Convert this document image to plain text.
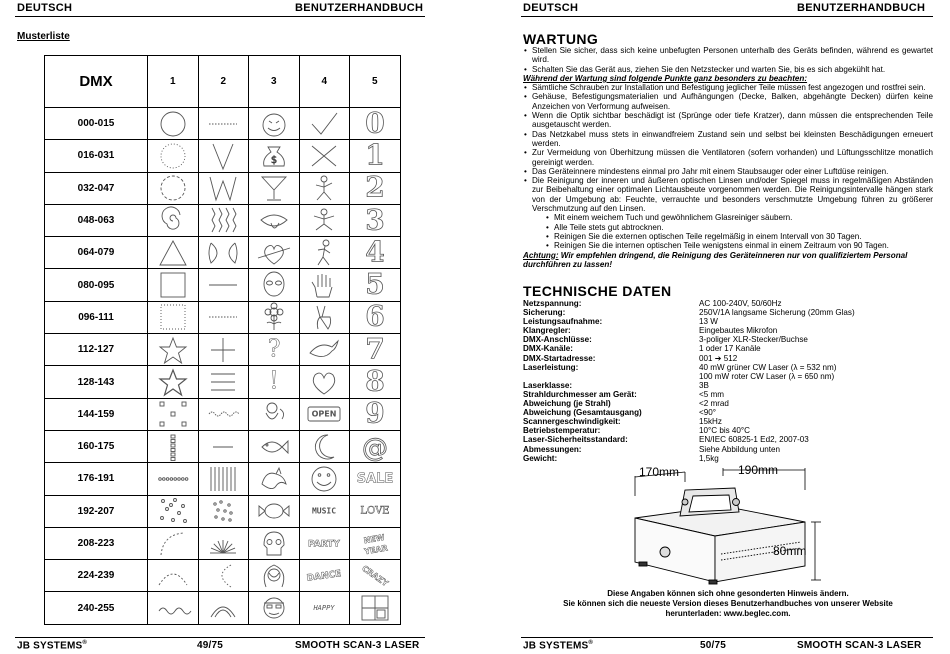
DEUTSCH	BENUTZERHANDBUCH
Musterliste
DMX	1	2	3	4	5
000-015					0

016-031			$		1

032-047					2

048-063					3

064-079					4

080-095					5

096-111					6

112-127			?		7

128-143			!		8

144-159				OPEN	9

160-175					@

176-191					SALE

192-207				MUSIC	LOVE

208-223				PARTY	NEW
YEAR

224-239				DANCE	CRAZY

240-255				HAPPY

JB SYSTEMS®	49/75	SMOOTH SCAN-3 LASER
DEUTSCH	BENUTZERHANDBUCH
WARTUNG
• Stellen Sie sicher, dass sich keine unbefugten Personen unterhalb des Geräts befinden, während es gewartet wird.
• Schalten Sie das Gerät aus, ziehen Sie den Netzstecker und warten Sie, bis es sich abgekühlt hat.
Während der Wartung sind folgende Punkte ganz besonders zu beachten:
• Sämtliche Schrauben zur Installation und Befestigung jeglicher Teile müssen fest angezogen und rostfrei sein.
• Gehäuse, Befestigungsmaterialien und Aufhängungen (Decke, Balken, abgehängte Decken) dürfen keine Anzeichen von Verformung aufweisen.
• Wenn die Optik sichtbar beschädigt ist (Sprünge oder tiefe Kratzer), dann müssen die entsprechenden Teile ausgetauscht werden.
• Das Netzkabel muss stets in einwandfreiem Zustand sein und selbst bei kleinsten Beschädigungen erneuert werden.
• Zur Vermeidung von Überhitzung müssen die Ventilatoren (sofern vorhanden) und Lüftungsschlitze monatlich gereinigt werden.
• Das Geräteinnere mindestens einmal pro Jahr mit einem Staubsauger oder einer Luftdüse reinigen.
• Die Reinigung der inneren und äußeren optischen Linsen und/oder Spiegel muss in regelmäßigen Abständen zur Beibehaltung einer optimalen Lichtausbeute vorgenommen werden. Die Reinigungsintervalle hängen stark von der Umgebung ab: Feuchte, verrauchte und besonders verschmutzte Umgebung führen zu größerer Verschmutzung auf den Linsen.
• Mit einem weichem Tuch und gewöhnlichem Glasreiniger säubern.
• Alle Teile stets gut abtrocknen.
• Reinigen Sie die externen optischen Teile regelmäßig in einem Intervall von 30 Tagen.
• Reinigen Sie die internen optischen Teile wenigstens einmal in einem Zeitraum von 90 Tagen.
Achtung: Wir empfehlen dringend, die Reinigung des Geräteinneren nur von qualifiziertem Personal durchführen zu lassen!
TECHNISCHE DATEN
Netzspannung:	AC 100-240V, 50/60Hz
Sicherung:	250V/1A langsame Sicherung (20mm Glas)
Leistungsaufnahme:	13 W
Klangregler:	Eingebautes Mikrofon
DMX-Anschlüsse:	3-poliger XLR-Stecker/Buchse
DMX-Kanäle:	1 oder 17 Kanäle
DMX-Startadresse:	001 ➔ 512
Laserleistung:	40 mW grüner CW Laser (λ = 532 nm)
100 mW roter CW Laser (λ = 650 nm)
Laserklasse:	3B
Strahldurchmesser am Gerät:	<5 mm
Abweichung (je Strahl)	<2 mrad
Abweichung (Gesamtausgang)	<90°
Scannergeschwindigkeit:	15kHz
Betriebstemperatur:	10°C bis 40°C
Laser-Sicherheitsstandard:	EN/IEC 60825-1 Ed2, 2007-03
Abmessungen:	Siehe Abbildung unten
Gewicht:	1,5kg
170mm	190mm
80mm
Diese Angaben können sich ohne gesonderten Hinweis ändern.
Sie können sich die neueste Version dieses Benutzerhandbuches von unserer Website
herunterladen: www.beglec.com.
JB SYSTEMS®	50/75	SMOOTH SCAN-3 LASER
